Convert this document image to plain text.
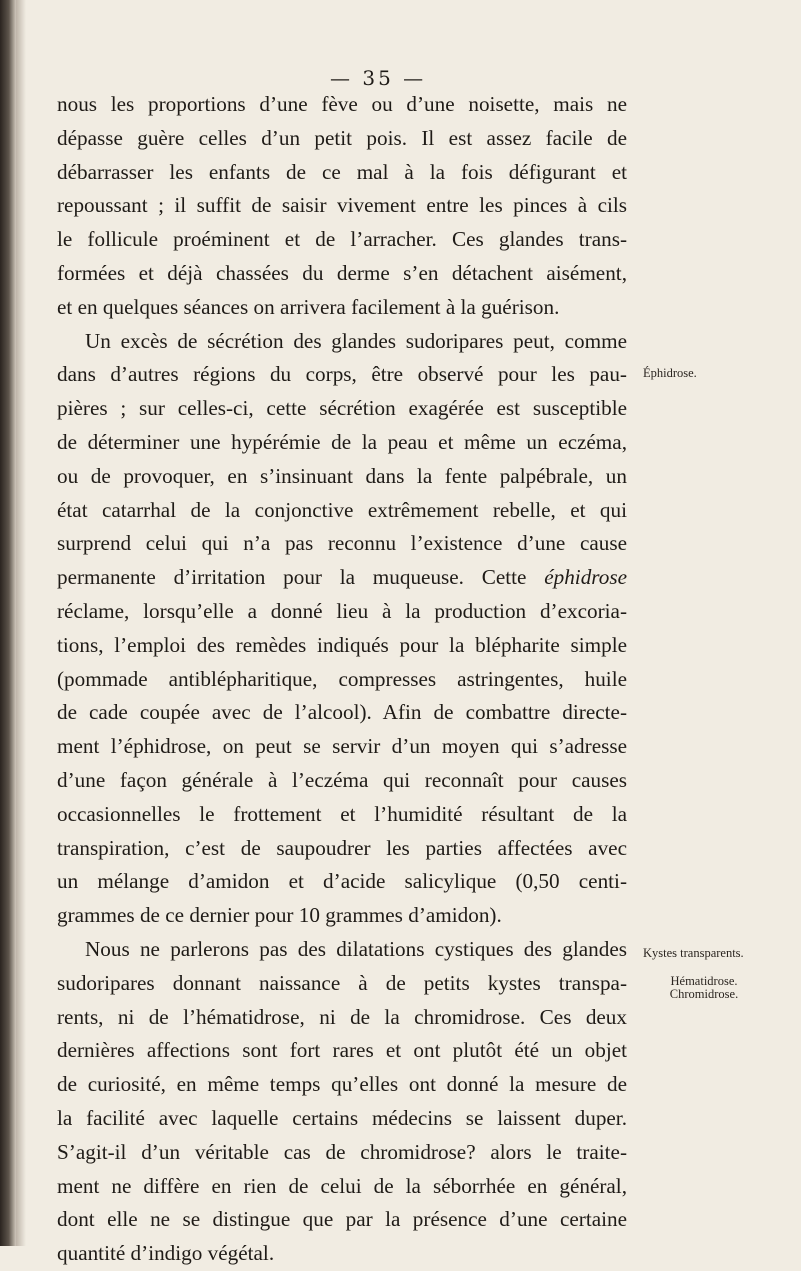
— 35 —
nous les proportions d’une fève ou d’une noisette, mais ne
dépasse guère celles d’un petit pois. Il est assez facile de
débarrasser les enfants de ce mal à la fois défigurant et
repoussant ; il suffit de saisir vivement entre les pinces à cils
le follicule proéminent et de l’arracher. Ces glandes trans-
formées et déjà chassées du derme s’en détachent aisément,
et en quelques séances on arrivera facilement à la guérison.
Un excès de sécrétion des glandes sudoripares peut, comme
dans d’autres régions du corps, être observé pour les pau-
pières ; sur celles-ci, cette sécrétion exagérée est susceptible
de déterminer une hypérémie de la peau et même un eczéma,
ou de provoquer, en s’insinuant dans la fente palpébrale, un
état catarrhal de la conjonctive extrêmement rebelle, et qui
surprend celui qui n’a pas reconnu l’existence d’une cause
permanente d’irritation pour la muqueuse. Cette éphidrose
réclame, lorsqu’elle a donné lieu à la production d’excoria-
tions, l’emploi des remèdes indiqués pour la blépharite simple
(pommade antiblépharitique, compresses astringentes, huile
de cade coupée avec de l’alcool). Afin de combattre directe-
ment l’éphidrose, on peut se servir d’un moyen qui s’adresse
d’une façon générale à l’eczéma qui reconnaît pour causes
occasionnelles le frottement et l’humidité résultant de la
transpiration, c’est de saupoudrer les parties affectées avec
un mélange d’amidon et d’acide salicylique (0,50 centi-
grammes de ce dernier pour 10 grammes d’amidon).
Nous ne parlerons pas des dilatations cystiques des glandes
sudoripares donnant naissance à de petits kystes transpa-
rents, ni de l’hématidrose, ni de la chromidrose. Ces deux
dernières affections sont fort rares et ont plutôt été un objet
de curiosité, en même temps qu’elles ont donné la mesure de
la facilité avec laquelle certains médecins se laissent duper.
S’agit-il d’un véritable cas de chromidrose? alors le traite-
ment ne diffère en rien de celui de la séborrhée en général,
dont elle ne se distingue que par la présence d’une certaine
quantité d’indigo végétal.
Éphidrose.
Kystes transparents.
Hématidrose.
Chromidrose.
